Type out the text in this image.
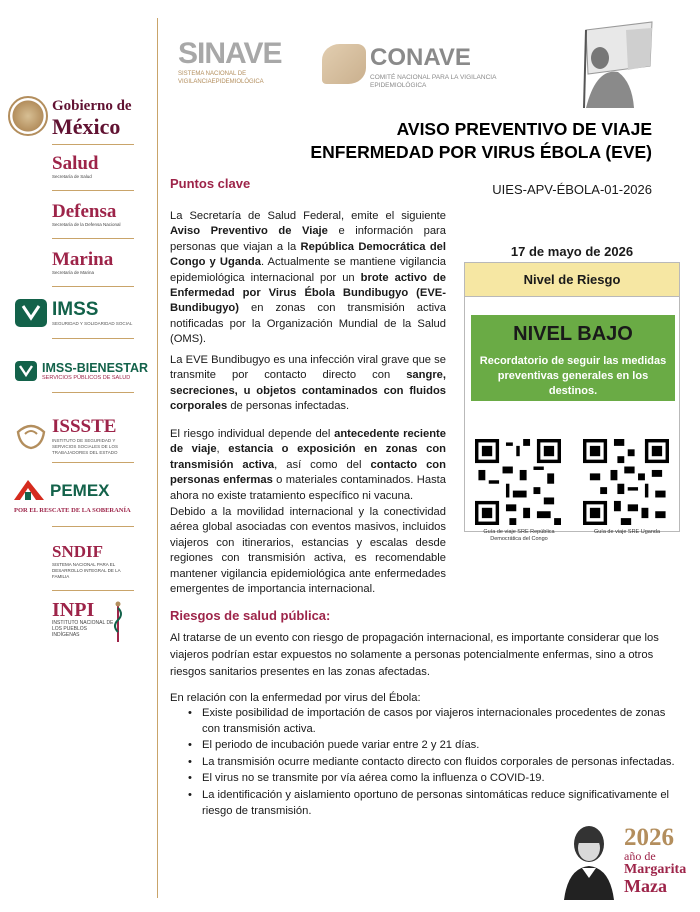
Gobierno de
México
Salud
Secretaría de Salud
Defensa
Secretaría de la Defensa Nacional
Marina
Secretaría de Marina
IMSS
SEGURIDAD Y SOLIDARIDAD SOCIAL
IMSS-BIENESTAR
SERVICIOS PÚBLICOS DE SALUD
ISSSTE
INSTITUTO DE SEGURIDAD Y SERVICIOS SOCIALES DE LOS TRABAJADORES DEL ESTADO
PEMEX
POR EL RESCATE DE LA SOBERANÍA
SNDIF
SISTEMA NACIONAL PARA EL DESARROLLO INTEGRAL DE LA FAMILIA
INPI
INSTITUTO NACIONAL DE LOS PUEBLOS INDÍGENAS
SINAVE
SISTEMA NACIONAL DE VIGILANCIAEPIDEMIOLÓGICA
CONAVE
COMITÉ NACIONAL PARA LA VIGILANCIA EPIDEMIOLÓGICA
AVISO PREVENTIVO DE VIAJE
ENFERMEDAD POR VIRUS ÉBOLA (EVE)
UIES-APV-ÉBOLA-01-2026
Puntos clave
La Secretaría de Salud Federal, emite el siguiente Aviso Preventivo de Viaje e información para personas que viajan a la República Democrática del Congo y Uganda. Actualmente se mantiene vigilancia epidemiológica internacional por un brote activo de Enfermedad por Virus Ébola Bundibugyo (EVE-Bundibugyo) en zonas con transmisión activa notificadas por la Organización Mundial de la Salud (OMS).
La EVE Bundibugyo es una infección viral grave que se transmite por contacto directo con sangre, secreciones, u objetos contaminados con fluidos corporales de personas infectadas.
El riesgo individual depende del antecedente reciente de viaje, estancia o exposición en zonas con transmisión activa, así como del contacto con personas enfermas o materiales contaminados. Hasta ahora no existe tratamiento específico ni vacuna.
Debido a la movilidad internacional y la conectividad aérea global asociadas con eventos masivos, incluidos viajeros con itinerarios, estancias y escalas desde regiones con transmisión activa, es recomendable mantener vigilancia epidemiológica ante enfermedades emergentes de importancia internacional.
17 de mayo de 2026
Nivel de Riesgo
NIVEL BAJO
Recordatorio de seguir las medidas preventivas generales en los destinos.
Guía de viaje SRE República Democrática del Congo
Guía de viaje SRE Uganda
Riesgos de salud pública:
Al tratarse de un evento con riesgo de propagación internacional, es importante considerar que los viajeros podrían estar expuestos no solamente a personas potencialmente enfermas, sino a otros riesgos sanitarios presentes en las zonas afectadas.
En relación con la enfermedad por virus del Ébola:
• Existe posibilidad de importación de casos por viajeros internacionales procedentes de zonas con transmisión activa.
• El periodo de incubación puede variar entre 2 y 21 días.
• La transmisión ocurre mediante contacto directo con fluidos corporales de personas infectadas.
• El virus no se transmite por vía aérea como la influenza o COVID-19.
• La identificación y aislamiento oportuno de personas sintomáticas reduce significativamente el riesgo de transmisión.
2026
año de
Margarita
Maza
